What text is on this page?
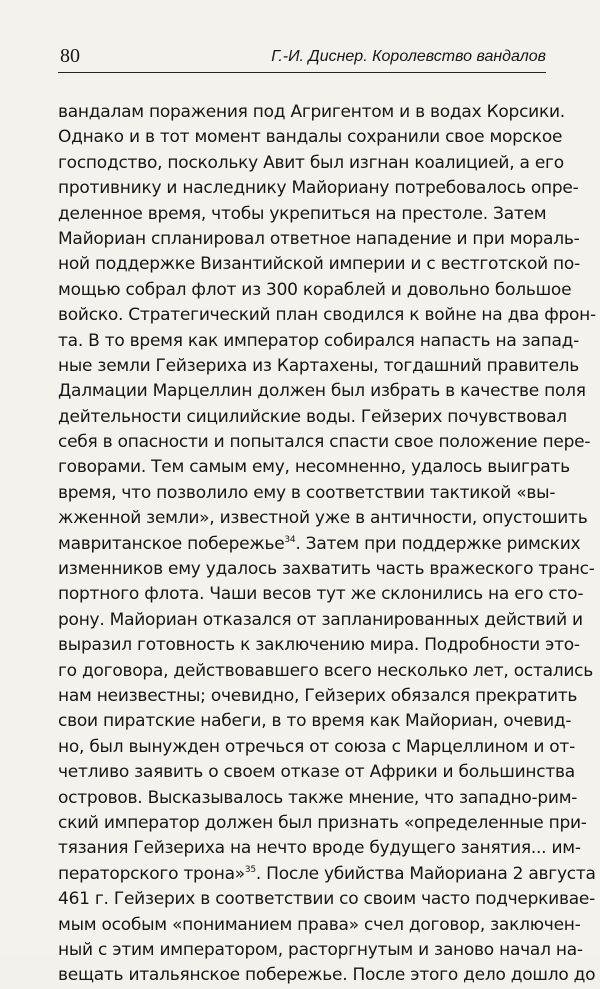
80	Г.-И. Диснер. Королевство вандалов
вандалам поражения под Агригентом и в водах Корсики.
Однако и в тот момент вандалы сохранили свое морское
господство, поскольку Авит был изгнан коалицией, а его
противнику и наследнику Майориану потребовалось опре-
деленное время, чтобы укрепиться на престоле. Затем
Майориан спланировал ответное нападение и при мораль-
ной поддержке Византийской империи и с вестготской по-
мощью собрал флот из 300 кораблей и довольно большое
войско. Стратегический план сводился к войне на два фрон-
та. В то время как император собирался напасть на запад-
ные земли Гейзериха из Картахены, тогдашний правитель
Далмации Марцеллин должен был избрать в качестве поля
дейтельности сицилийские воды. Гейзерих почувствовал
себя в опасности и попытался спасти свое положение пере-
говорами. Тем самым ему, несомненно, удалось выиграть
время, что позволило ему в соответствии тактикой «вы-
жженной земли», известной уже в античности, опустошить
мавританское побережье$^{34}$. Затем при поддержке римских
изменников ему удалось захватить часть вражеского транс-
портного флота. Чаши весов тут же склонились на его сто-
рону. Майориан отказался от запланированных действий и
выразил готовность к заключению мира. Подробности это-
го договора, действовавшего всего несколько лет, остались
нам неизвестны; очевидно, Гейзерих обязался прекратить
свои пиратские набеги, в то время как Майориан, очевид-
но, был вынужден отречься от союза с Марцеллином и от-
четливо заявить о своем отказе от Африки и большинства
островов. Высказывалось также мнение, что западно-рим-
ский император должен был признать «определенные при-
тязания Гейзериха на нечто вроде будущего занятия... им-
ператорского трона»$^{35}$. После убийства Майориана 2 августа
461 г. Гейзерих в соответствии со своим часто подчеркивае-
мым особым «пониманием права» счел договор, заключен-
ный с этим императором, расторгнутым и заново начал на-
вещать итальянское побережье. После этого дело дошло до
